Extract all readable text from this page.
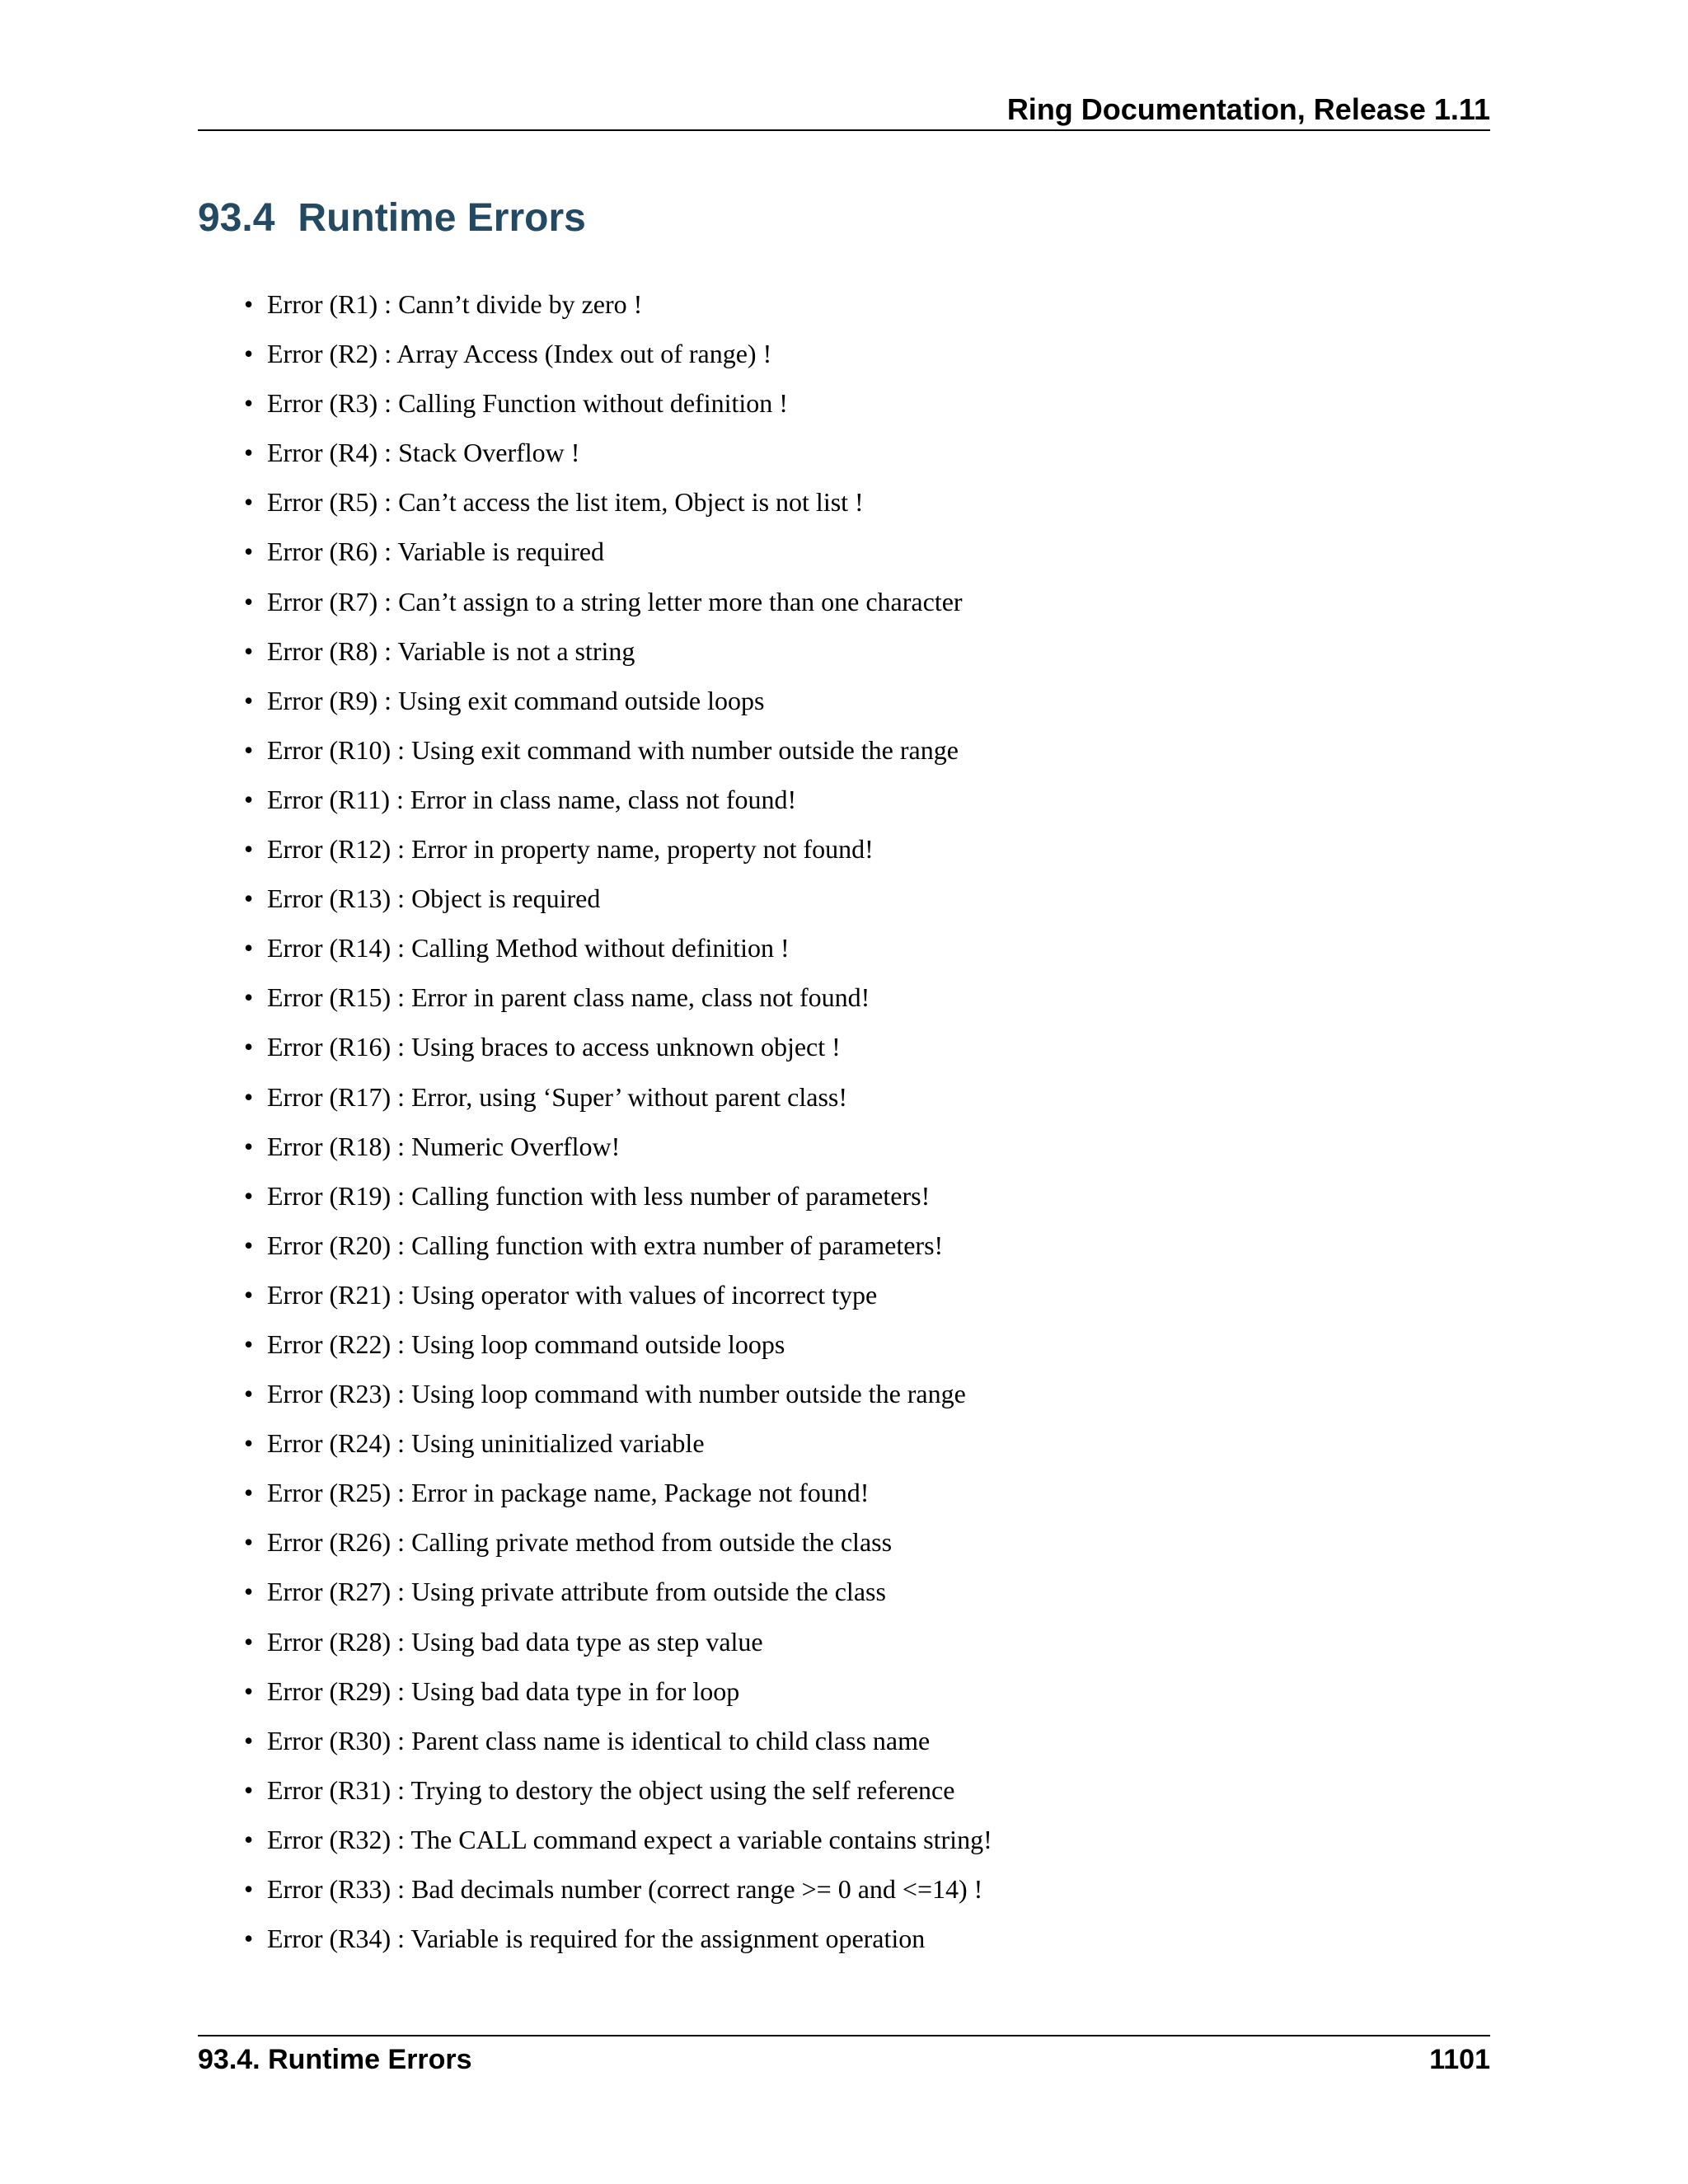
Ring Documentation, Release 1.11
93.4 Runtime Errors
• Error (R1) : Cann’t divide by zero !
• Error (R2) : Array Access (Index out of range) !
• Error (R3) : Calling Function without definition !
• Error (R4) : Stack Overflow !
• Error (R5) : Can’t access the list item, Object is not list !
• Error (R6) : Variable is required
• Error (R7) : Can’t assign to a string letter more than one character
• Error (R8) : Variable is not a string
• Error (R9) : Using exit command outside loops
• Error (R10) : Using exit command with number outside the range
• Error (R11) : Error in class name, class not found!
• Error (R12) : Error in property name, property not found!
• Error (R13) : Object is required
• Error (R14) : Calling Method without definition !
• Error (R15) : Error in parent class name, class not found!
• Error (R16) : Using braces to access unknown object !
• Error (R17) : Error, using ‘Super’ without parent class!
• Error (R18) : Numeric Overflow!
• Error (R19) : Calling function with less number of parameters!
• Error (R20) : Calling function with extra number of parameters!
• Error (R21) : Using operator with values of incorrect type
• Error (R22) : Using loop command outside loops
• Error (R23) : Using loop command with number outside the range
• Error (R24) : Using uninitialized variable
• Error (R25) : Error in package name, Package not found!
• Error (R26) : Calling private method from outside the class
• Error (R27) : Using private attribute from outside the class
• Error (R28) : Using bad data type as step value
• Error (R29) : Using bad data type in for loop
• Error (R30) : Parent class name is identical to child class name
• Error (R31) : Trying to destory the object using the self reference
• Error (R32) : The CALL command expect a variable contains string!
• Error (R33) : Bad decimals number (correct range >= 0 and <=14) !
• Error (R34) : Variable is required for the assignment operation
93.4. Runtime Errors	1101
